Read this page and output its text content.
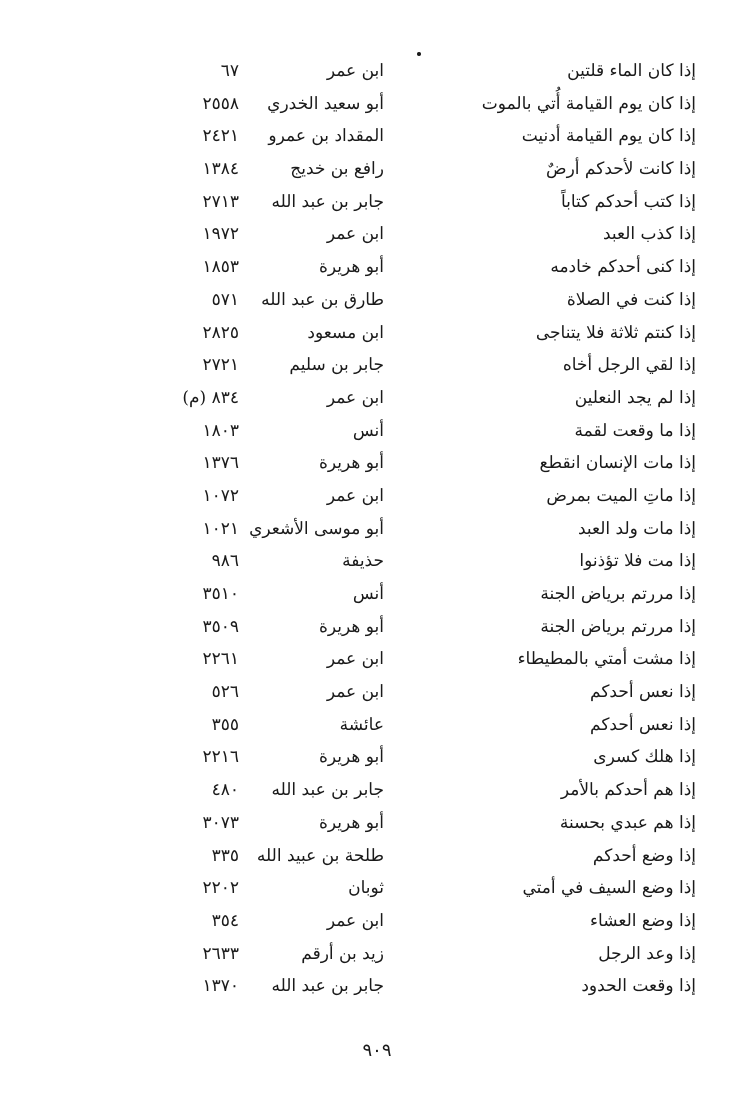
إذا كان الماء قلتين
ابن عمر
٦٧
إذا كان يوم القيامة أُتي بالموت
أبو سعيد الخدري
٢٥٥٨
إذا كان يوم القيامة أدنيت
المقداد بن عمرو
٢٤٢١
إذا كانت لأحدكم أرضٌ
رافع بن خديج
١٣٨٤
إذا كتب أحدكم كتاباً
جابر بن عبد الله
٢٧١٣
إذا كذب العبد
ابن عمر
١٩٧٢
إذا كنى أحدكم خادمه
أبو هريرة
١٨٥٣
إذا كنت في الصلاة
طارق بن عبد الله
٥٧١
إذا كنتم ثلاثة فلا يتناجى
ابن مسعود
٢٨٢٥
إذا لقي الرجل أخاه
جابر بن سليم
٢٧٢١
إذا لم يجد النعلين
ابن عمر
٨٣٤ (م)
إذا ما وقعت لقمة
أنس
١٨٠٣
إذا مات الإنسان انقطع
أبو هريرة
١٣٧٦
إذا ماتِ الميت بمرض
ابن عمر
١٠٧٢
إذا مات ولد العبد
أبو موسى الأشعري
١٠٢١
إذا مت فلا تؤذنوا
حذيفة
٩٨٦
إذا مررتم برياض الجنة
أنس
٣٥١٠
إذا مررتم برياض الجنة
أبو هريرة
٣٥٠٩
إذا مشت أمتي بالمطيطاء
ابن عمر
٢٢٦١
إذا نعس أحدكم
ابن عمر
٥٢٦
إذا نعس أحدكم
عائشة
٣٥٥
إذا هلك كسرى
أبو هريرة
٢٢١٦
إذا هم أحدكم بالأمر
جابر بن عبد الله
٤٨٠
إذا هم عبدي بحسنة
أبو هريرة
٣٠٧٣
إذا وضع أحدكم
طلحة بن عبيد الله
٣٣٥
إذا وضع السيف في أمتي
ثوبان
٢٢٠٢
إذا وضع العشاء
ابن عمر
٣٥٤
إذا وعد الرجل
زيد بن أرقم
٢٦٣٣
إذا وقعت الحدود
جابر بن عبد الله
١٣٧٠
٩٠٩
